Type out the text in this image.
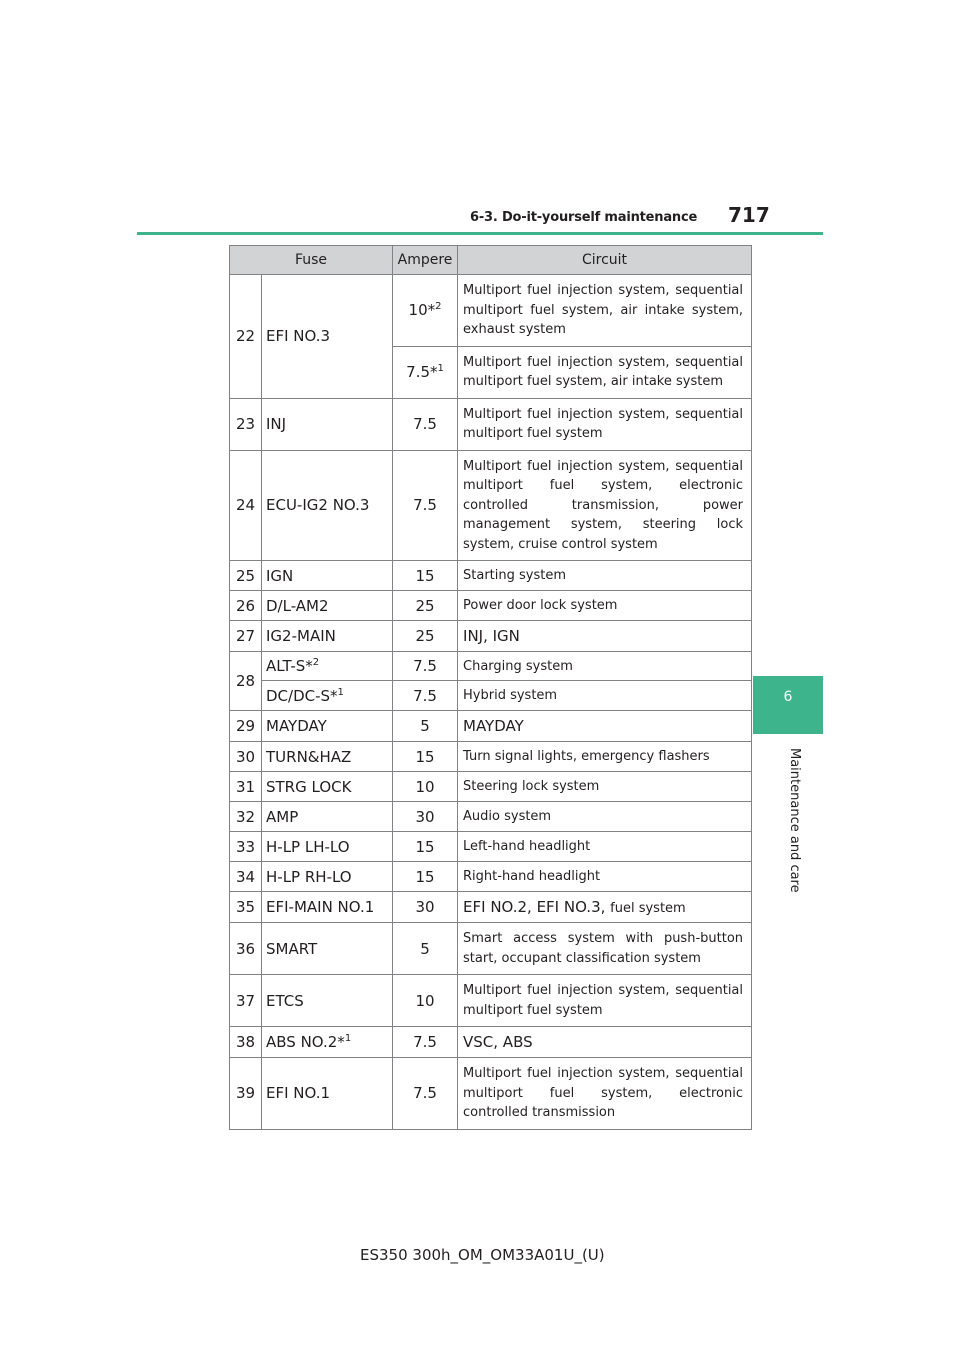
6-3. Do-it-yourself maintenance 717
6
Maintenance and care
Fuse		Ampere	Circuit
22	EFI NO.3	10*$^2$	Multiport fuel injection system, sequential multiport fuel system, air intake system, exhaust system
		7.5*$^1$	Multiport fuel injection system, sequential multiport fuel system, air intake system
23	INJ	7.5	Multiport fuel injection system, sequential multiport fuel system
24	ECU-IG2 NO.3	7.5	Multiport fuel injection system, sequential multiport fuel system, electronic controlled transmission, power management system, steering lock system, cruise control system
25	IGN	15	Starting system
26	D/L-AM2	25	Power door lock system
27	IG2-MAIN	25	INJ, IGN
28	ALT-S*$^2$	7.5	Charging system
	DC/DC-S*$^1$	7.5	Hybrid system
29	MAYDAY	5	MAYDAY
30	TURN&HAZ	15	Turn signal lights, emergency flashers
31	STRG LOCK	10	Steering lock system
32	AMP	30	Audio system
33	H-LP LH-LO	15	Left-hand headlight
34	H-LP RH-LO	15	Right-hand headlight
35	EFI-MAIN NO.1	30	EFI NO.2, EFI NO.3, fuel system
36	SMART	5	Smart access system with push-button start, occupant classification system
37	ETCS	10	Multiport fuel injection system, sequential multiport fuel system
38	ABS NO.2*$^1$	7.5	VSC, ABS
39	EFI NO.1	7.5	Multiport fuel injection system, sequential multiport fuel system, electronic controlled transmission
ES350 300h_OM_OM33A01U_(U)
